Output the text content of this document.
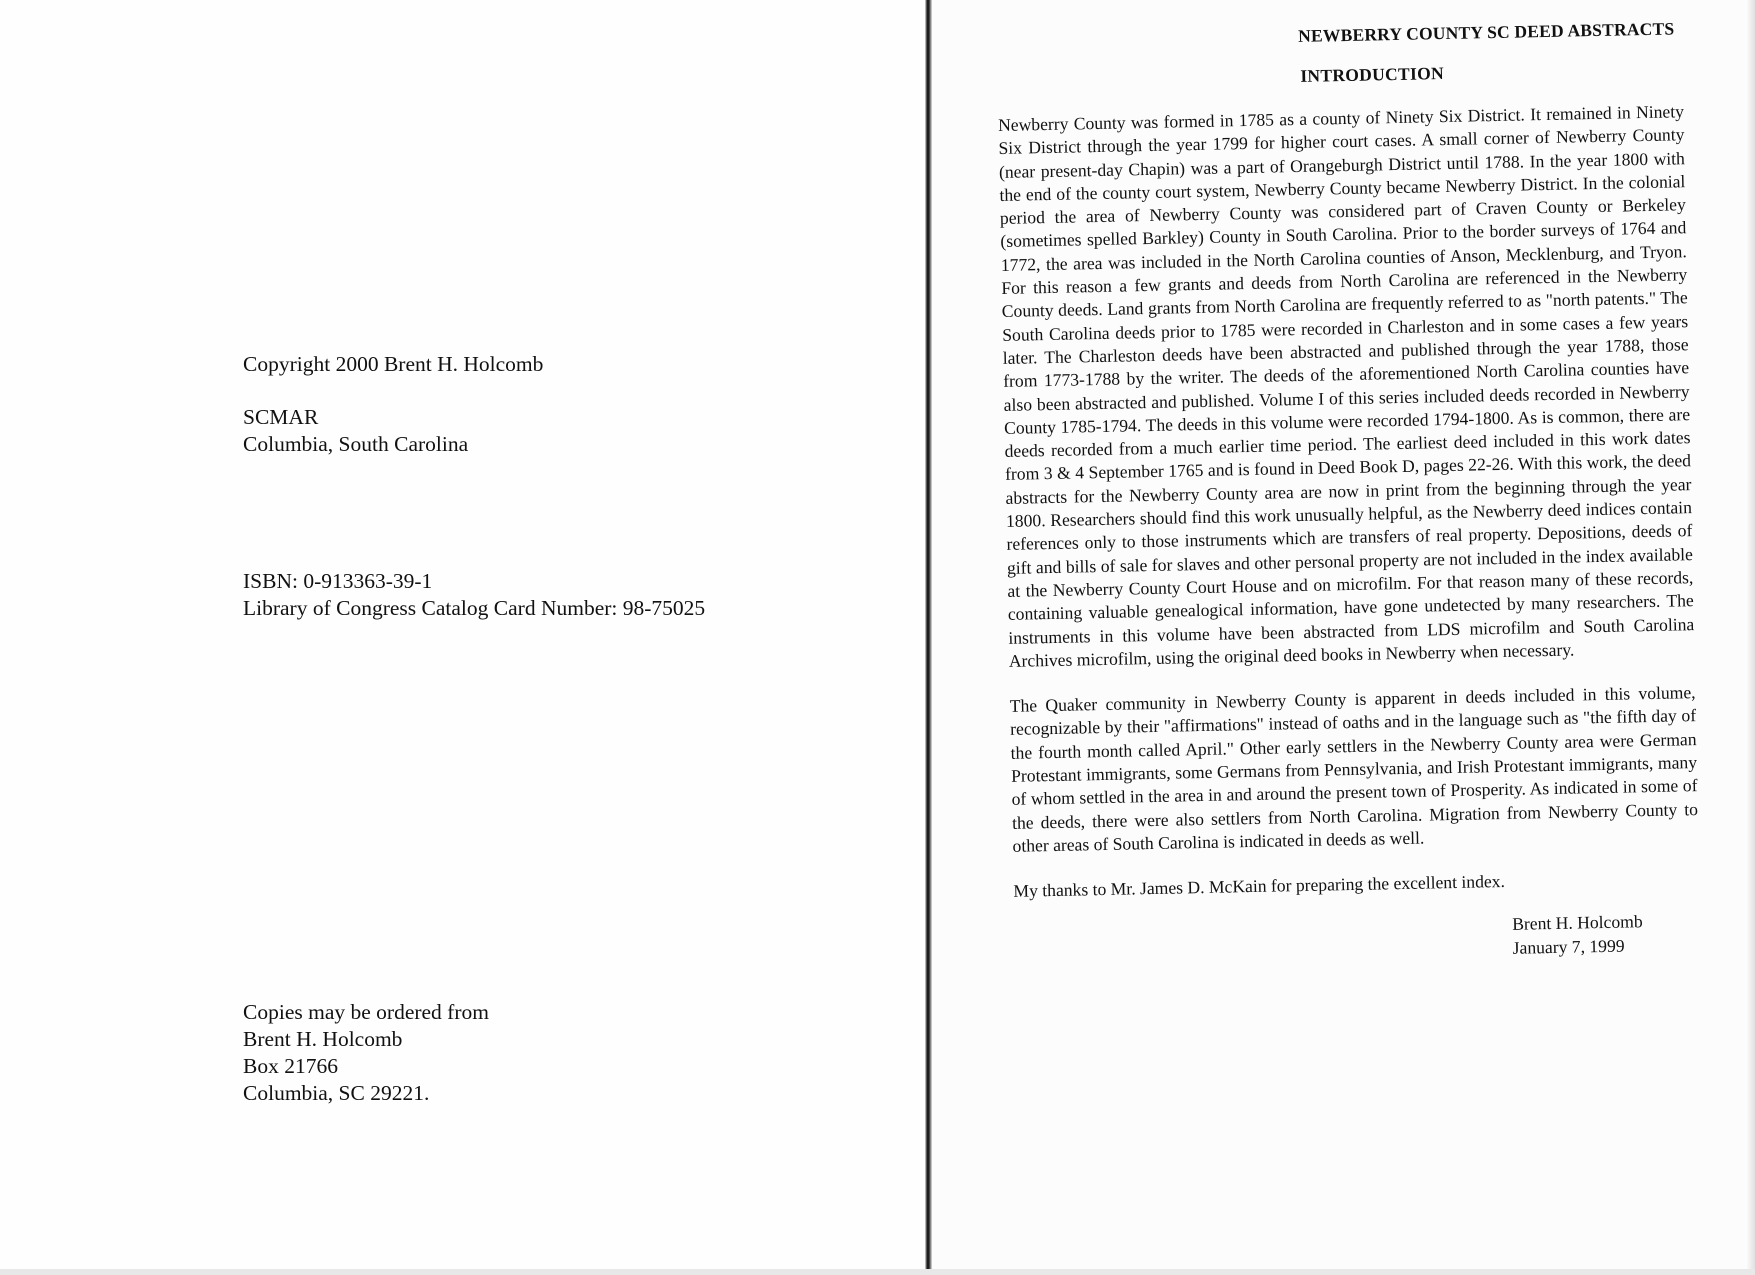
Copyright 2000 Brent H. Holcomb
SCMAR
Columbia, South Carolina
ISBN: 0-913363-39-1
Library of Congress Catalog Card Number: 98-75025
Copies may be ordered from
Brent H. Holcomb
Box 21766
Columbia, SC 29221.
NEWBERRY COUNTY SC DEED ABSTRACTS
INTRODUCTION

Newberry County was formed in 1785 as a county of Ninety Six District. It remained in Ninety Six District through the year 1799 for higher court cases. A small corner of Newberry County (near present-day Chapin) was a part of Orangeburgh District until 1788. In the year 1800 with the end of the county court system, Newberry County became Newberry District. In the colonial period the area of Newberry County was considered part of Craven County or Berkeley (sometimes spelled Barkley) County in South Carolina. Prior to the border surveys of 1764 and 1772, the area was included in the North Carolina counties of Anson, Mecklenburg, and Tryon. For this reason a few grants and deeds from North Carolina are referenced in the Newberry County deeds. Land grants from North Carolina are frequently referred to as "north patents." The South Carolina deeds prior to 1785 were recorded in Charleston and in some cases a few years later. The Charleston deeds have been abstracted and published through the year 1788, those from 1773-1788 by the writer. The deeds of the aforementioned North Carolina counties have also been abstracted and published. Volume I of this series included deeds recorded in Newberry County 1785-1794. The deeds in this volume were recorded 1794-1800. As is common, there are deeds recorded from a much earlier time period. The earliest deed included in this work dates from 3 & 4 September 1765 and is found in Deed Book D, pages 22-26. With this work, the deed abstracts for the Newberry County area are now in print from the beginning through the year 1800. Researchers should find this work unusually helpful, as the Newberry deed indices contain references only to those instruments which are transfers of real property. Depositions, deeds of gift and bills of sale for slaves and other personal property are not included in the index available at the Newberry County Court House and on microfilm. For that reason many of these records, containing valuable genealogical information, have gone undetected by many researchers. The instruments in this volume have been abstracted from LDS microfilm and South Carolina Archives microfilm, using the original deed books in Newberry when necessary.

The Quaker community in Newberry County is apparent in deeds included in this volume, recognizable by their "affirmations" instead of oaths and in the language such as "the fifth day of the fourth month called April." Other early settlers in the Newberry County area were German Protestant immigrants, some Germans from Pennsylvania, and Irish Protestant immigrants, many of whom settled in the area in and around the present town of Prosperity. As indicated in some of the deeds, there were also settlers from North Carolina. Migration from Newberry County to other areas of South Carolina is indicated in deeds as well.

My thanks to Mr. James D. McKain for preparing the excellent index.
Brent H. Holcomb
January 7, 1999
